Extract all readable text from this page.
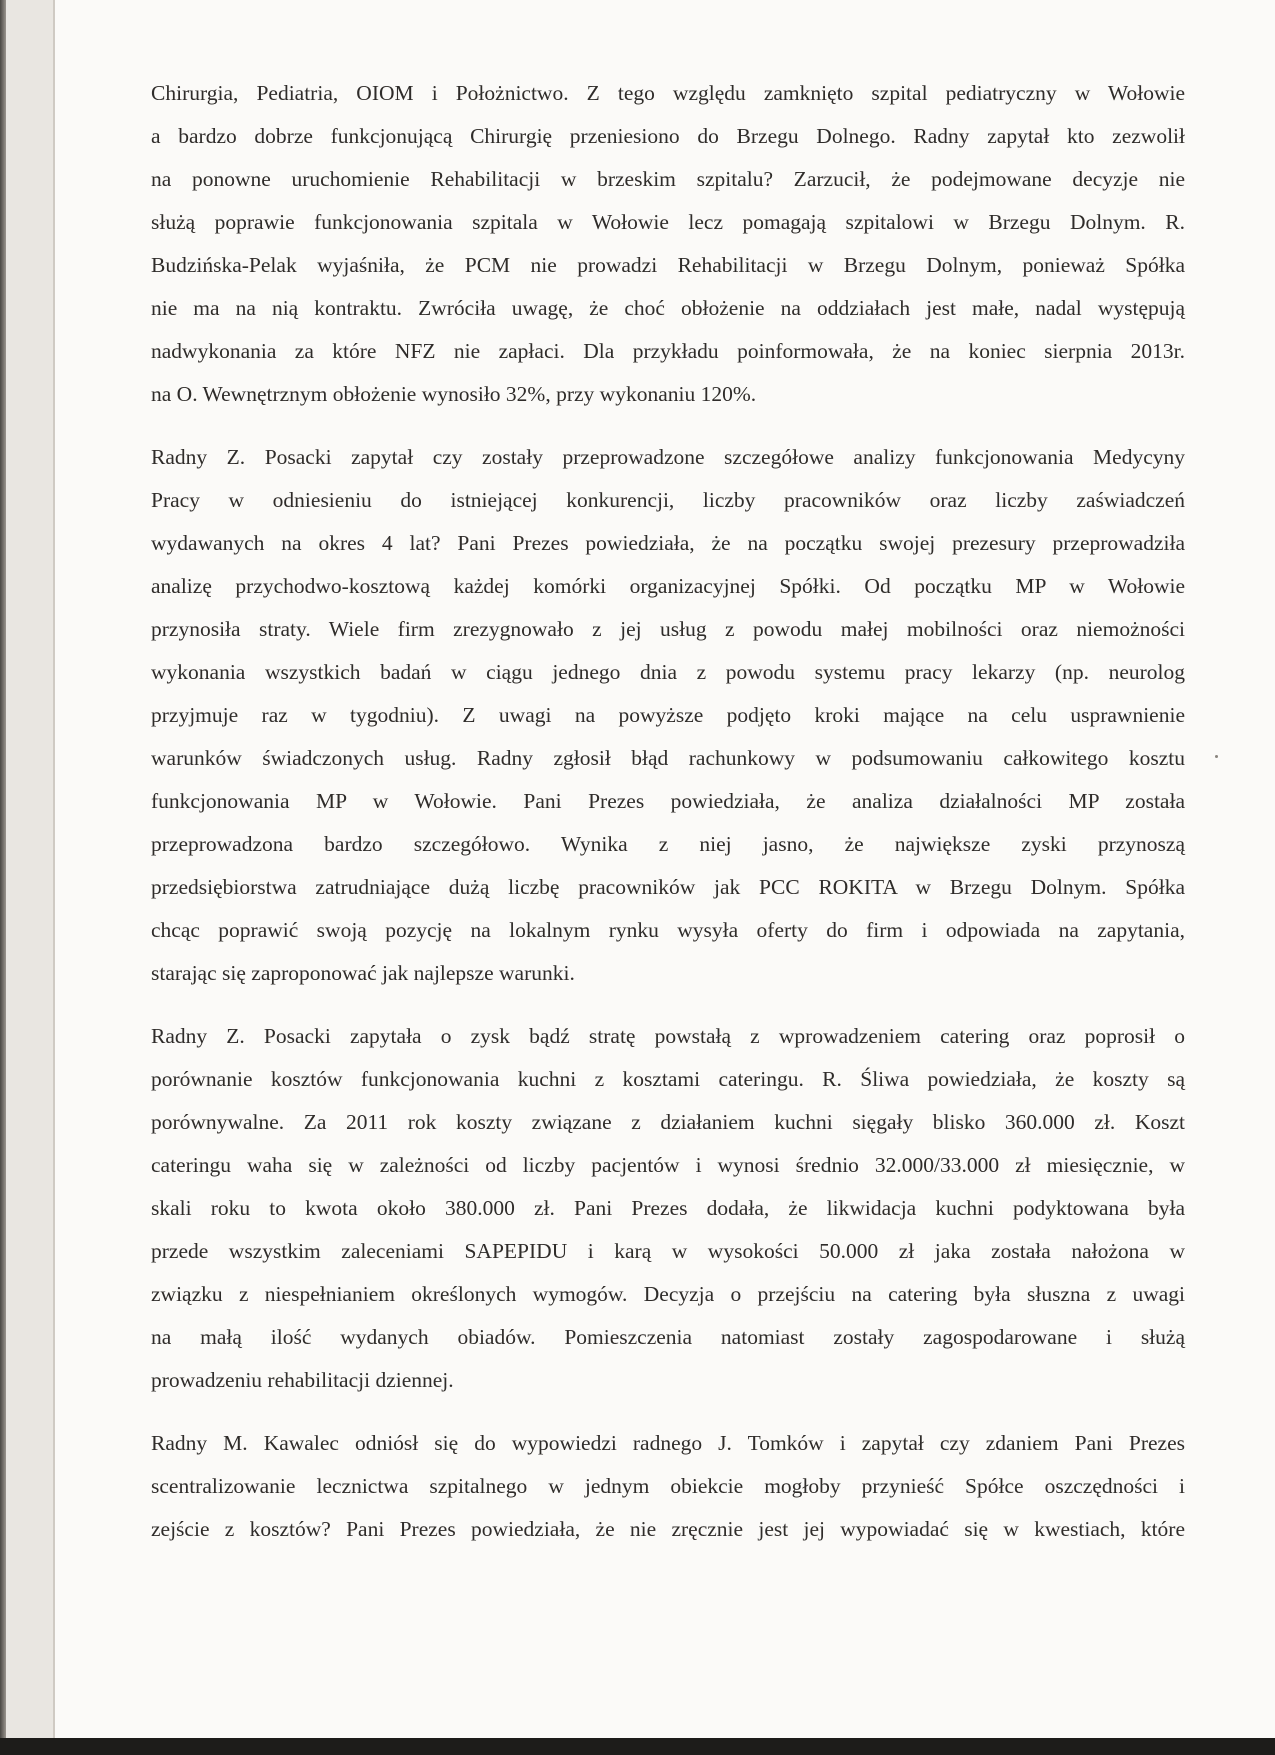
Chirurgia, Pediatria, OIOM i Położnictwo. Z tego względu zamknięto szpital pediatryczny w Wołowie
a bardzo dobrze funkcjonującą Chirurgię przeniesiono do Brzegu Dolnego. Radny zapytał kto zezwolił
na ponowne uruchomienie Rehabilitacji w brzeskim szpitalu? Zarzucił, że podejmowane decyzje nie
służą poprawie funkcjonowania szpitala w Wołowie lecz pomagają szpitalowi w Brzegu Dolnym. R.
Budzińska-Pelak wyjaśniła, że PCM nie prowadzi Rehabilitacji w Brzegu Dolnym, ponieważ Spółka
nie ma na nią kontraktu. Zwróciła uwagę, że choć obłożenie na oddziałach jest małe, nadal występują
nadwykonania za które NFZ nie zapłaci. Dla przykładu poinformowała, że na koniec sierpnia 2013r.
na O. Wewnętrznym obłożenie wynosiło 32%, przy wykonaniu 120%.
Radny Z. Posacki zapytał czy zostały przeprowadzone szczegółowe analizy funkcjonowania Medycyny
Pracy w odniesieniu do istniejącej konkurencji, liczby pracowników oraz liczby zaświadczeń
wydawanych na okres 4 lat? Pani Prezes powiedziała, że na początku swojej prezesury przeprowadziła
analizę przychodwo-kosztową każdej komórki organizacyjnej Spółki. Od początku MP w Wołowie
przynosiła straty. Wiele firm zrezygnowało z jej usług z powodu małej mobilności oraz niemożności
wykonania wszystkich badań w ciągu jednego dnia z powodu systemu pracy lekarzy (np. neurolog
przyjmuje raz w tygodniu). Z uwagi na powyższe podjęto kroki mające na celu usprawnienie
warunków świadczonych usług. Radny zgłosił błąd rachunkowy w podsumowaniu całkowitego kosztu
funkcjonowania MP w Wołowie. Pani Prezes powiedziała, że analiza działalności MP została
przeprowadzona bardzo szczegółowo. Wynika z niej jasno, że największe zyski przynoszą
przedsiębiorstwa zatrudniające dużą liczbę pracowników jak PCC ROKITA w Brzegu Dolnym. Spółka
chcąc poprawić swoją pozycję na lokalnym rynku wysyła oferty do firm i odpowiada na zapytania,
starając się zaproponować jak najlepsze warunki.
Radny Z. Posacki zapytała o zysk bądź stratę powstałą z wprowadzeniem catering oraz poprosił o
porównanie kosztów funkcjonowania kuchni z kosztami cateringu. R. Śliwa powiedziała, że koszty są
porównywalne. Za 2011 rok koszty związane z działaniem kuchni sięgały blisko 360.000 zł. Koszt
cateringu waha się w zależności od liczby pacjentów i wynosi średnio 32.000/33.000 zł miesięcznie, w
skali roku to kwota około 380.000 zł. Pani Prezes dodała, że likwidacja kuchni podyktowana była
przede wszystkim zaleceniami SAPEPIDU i karą w wysokości 50.000 zł jaka została nałożona w
związku z niespełnianiem określonych wymogów. Decyzja o przejściu na catering była słuszna z uwagi
na małą ilość wydanych obiadów. Pomieszczenia natomiast zostały zagospodarowane i służą
prowadzeniu rehabilitacji dziennej.
Radny M. Kawalec odniósł się do wypowiedzi radnego J. Tomków i zapytał czy zdaniem Pani Prezes
scentralizowanie lecznictwa szpitalnego w jednym obiekcie mogłoby przynieść Spółce oszczędności i
zejście z kosztów? Pani Prezes powiedziała, że nie zręcznie jest jej wypowiadać się w kwestiach, które
